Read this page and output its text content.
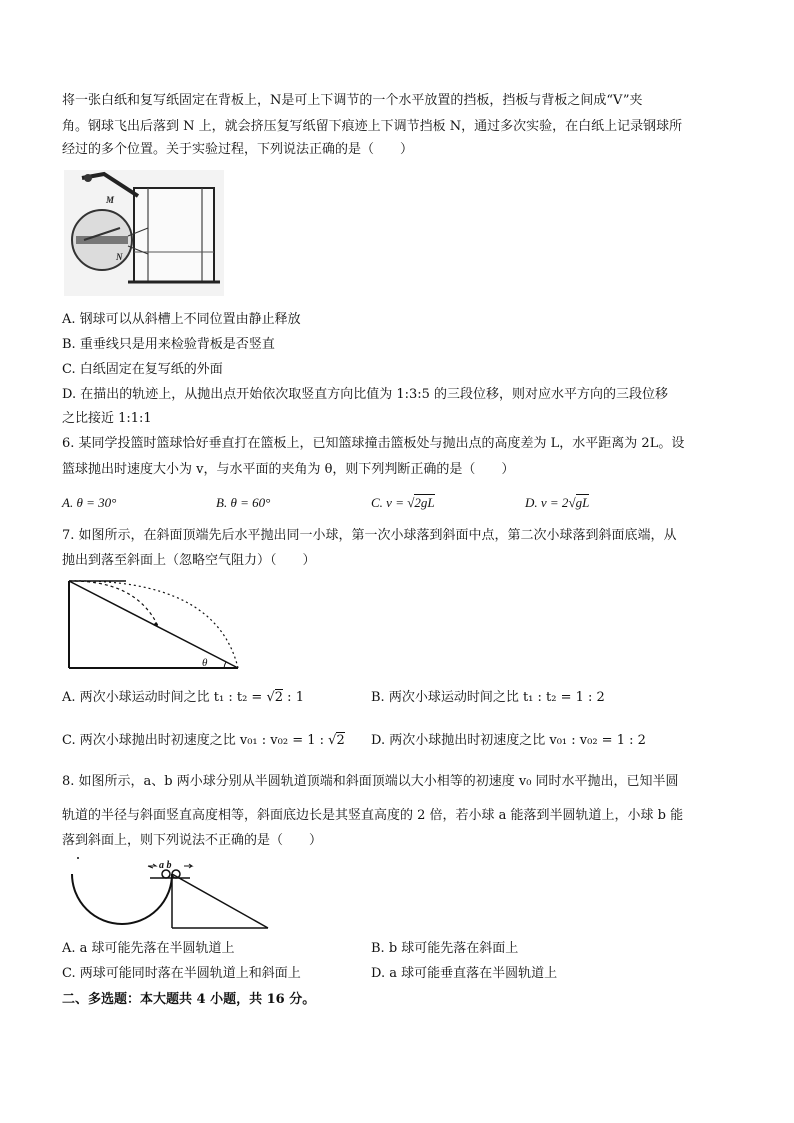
将一张白纸和复写纸固定在背板上，N是可上下调节的一个水平放置的挡板，挡板与背板之间成“V”夹
角。钢球飞出后落到 N 上，就会挤压复写纸留下痕迹上下调节挡板 N，通过多次实验，在白纸上记录钢球所
经过的多个位置。关于实验过程，下列说法正确的是（　　）
M
N
A. 钢球可以从斜槽上不同位置由静止释放
B. 重垂线只是用来检验背板是否竖直
C. 白纸固定在复写纸的外面
D. 在描出的轨迹上，从抛出点开始依次取竖直方向比值为 1:3:5 的三段位移，则对应水平方向的三段位移
之比接近 1:1:1
6. 某同学投篮时篮球恰好垂直打在篮板上，已知篮球撞击篮板处与抛出点的高度差为 L，水平距离为 2L。设
篮球抛出时速度大小为 v，与水平面的夹角为 θ，则下列判断正确的是（　　）
A. θ = 30°	B. θ = 60°	C. v = √2gL	D. v = 2√gL
7. 如图所示，在斜面顶端先后水平抛出同一小球，第一次小球落到斜面中点，第二次小球落到斜面底端，从
抛出到落至斜面上（忽略空气阻力）（　　）
θ
A. 两次小球运动时间之比 t₁ : t₂ = √2 : 1	B. 两次小球运动时间之比 t₁ : t₂ = 1 : 2
C. 两次小球抛出时初速度之比 v₀₁ : v₀₂ = 1 : √2 D. 两次小球抛出时初速度之比 v₀₁ : v₀₂ = 1 : 2
8. 如图所示，a、b 两小球分别从半圆轨道顶端和斜面顶端以大小相等的初速度 v₀ 同时水平抛出，已知半圆
轨道的半径与斜面竖直高度相等，斜面底边长是其竖直高度的 2 倍，若小球 a 能落到半圆轨道上，小球 b 能
落到斜面上，则下列说法不正确的是（　　）
a b
A. a 球可能先落在半圆轨道上	B. b 球可能先落在斜面上
C. 两球可能同时落在半圆轨道上和斜面上	D. a 球可能垂直落在半圆轨道上
二、多选题：本大题共 4 小题，共 16 分。
